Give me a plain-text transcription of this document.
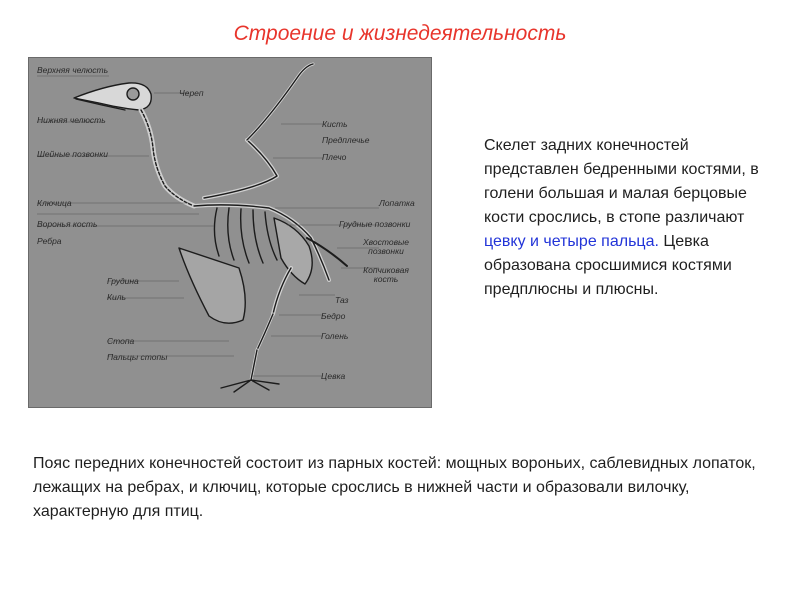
Строение и жизнедеятельность
Верхняя челюсть
Череп
Нижняя челюсть	Кисть
Шейные позвонки
Предплечье
Плечо
Ключица	Лопатка
Воронья кость	Грудные позвонки
Ребра	Хвостовые позвонки
Копчиковая кость
Грудина
Таз
Киль
Бедро
Голень
Стопа
Пальцы стопы
Цевка
Скелет задних конечностей представлен бедренными костями, в голени большая и малая берцовые кости срослись, в стопе различают цевку и четыре пальца. Цевка образована сросшимися костями предплюсны и плюсны.
Пояс передних конечностей состоит из парных костей: мощных вороньих, саблевидных лопаток, лежащих на ребрах, и ключиц, которые срослись в нижней части и образовали вилочку, характерную для птиц.
